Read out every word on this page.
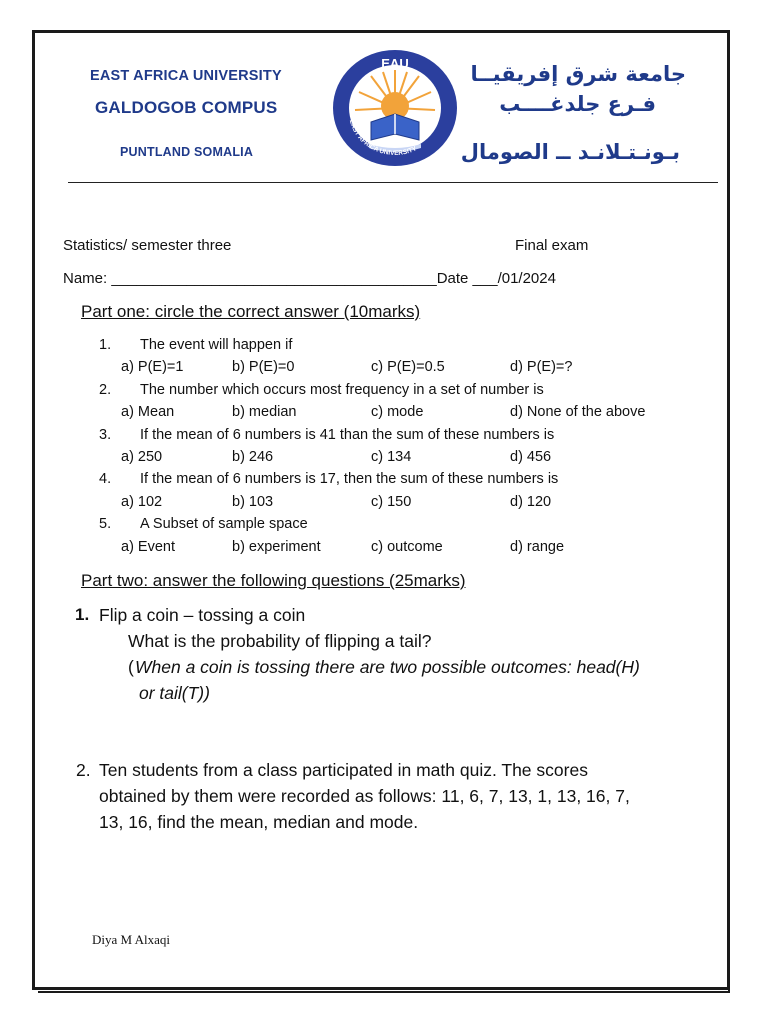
EAST AFRICA UNIVERSITY
GALDOGOB COMPUS
PUNTLAND SOMALIA
EAU
EAST AFRICA UNIVERSITY
جامعة شرق إفريقيــا
فـرع جلدغــــب
بـونـتـلانـد ــ الصومال
Statistics/ semester three	Final exam
Name: _______________________________________Date ___/01/2024
Part one: circle the correct answer (10marks)
1. The event will happen if
a) P(E)=1	b) P(E)=0	c) P(E)=0.5	d) P(E)=?
2. The number which occurs most frequency in a set of number is
a) Mean	b) median	c) mode	d) None of the above
3. If the mean of 6 numbers is 41 than the sum of these numbers is
a) 250	b) 246	c) 134	d) 456
4. If the mean of 6 numbers is 17, then the sum of these numbers is
a) 102	b) 103	c) 150	d) 120
5. A Subset of sample space
a) Event	b) experiment	c) outcome	d) range
Part two: answer the following questions (25marks)
1. Flip a coin – tossing a coin
What is the probability of flipping a tail?
( When a coin is tossing there are two possible outcomes: head(H)
or tail(T))
2. Ten students from a class participated in math quiz. The scores
obtained by them were recorded as follows: 11, 6, 7, 13, 1, 13, 16, 7,
13, 16, find the mean, median and mode.
Diya M Alxaqi
